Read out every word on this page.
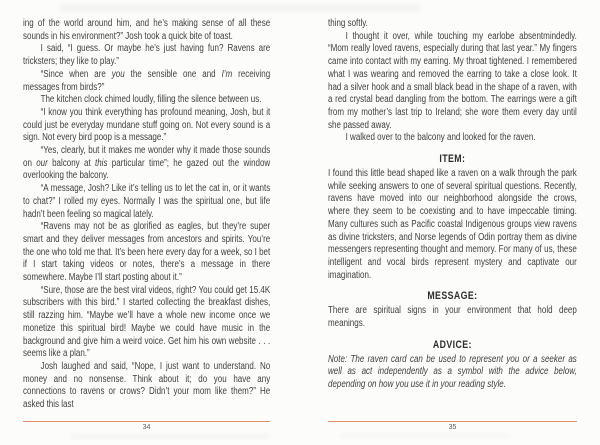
ing of the world around him, and he’s making sense of all these sounds in his environment?” Josh took a quick bite of toast.

I said, “I guess. Or maybe he’s just having fun? Ravens are tricksters; they like to play.”

“Since when are you the sensible one and I’m receiving messages from birds?”

The kitchen clock chimed loudly, filling the silence between us.

“I know you think everything has profound meaning, Josh, but it could just be everyday mundane stuff going on. Not every sound is a sign. Not every bird poop is a message.”

“Yes, clearly, but it makes me wonder why it made those sounds on our balcony at this particular time”; he gazed out the window overlooking the balcony.

“A message, Josh? Like it’s telling us to let the cat in, or it wants to chat?” I rolled my eyes. Normally I was the spiritual one, but life hadn’t been feeling so magical lately.

“Ravens may not be as glorified as eagles, but they’re super smart and they deliver messages from ancestors and spirits. You’re the one who told me that. It’s been here every day for a week, so I bet if I start taking videos or notes, there’s a message in there somewhere. Maybe I’ll start posting about it.”

“Sure, those are the best viral videos, right? You could get 15.4K subscribers with this bird.” I started collecting the breakfast dishes, still razzing him. “Maybe we’ll have a whole new income once we monetize this spiritual bird! Maybe we could have music in the background and give him a weird voice. Get him his own website . . . seems like a plan.”

Josh laughed and said, “Nope, I just want to understand. No money and no nonsense. Think about it; do you have any connections to ravens or crows? Didn’t your mom like them?” He asked this last

34

thing softly.

I thought it over, while touching my earlobe absentmindedly. “Mom really loved ravens, especially during that last year.” My fingers came into contact with my earring. My throat tightened. I remembered what I was wearing and removed the earring to take a close look. It had a silver hook and a small black bead in the shape of a raven, with a red crystal bead dangling from the bottom. The earrings were a gift from my mother’s last trip to Ireland; she wore them every day until she passed away.

I walked over to the balcony and looked for the raven.

ITEM:

I found this little bead shaped like a raven on a walk through the park while seeking answers to one of several spiritual questions. Recently, ravens have moved into our neighborhood alongside the crows, where they seem to be coexisting and to have impeccable timing. Many cultures such as Pacific coastal Indigenous groups view ravens as divine tricksters, and Norse legends of Odin portray them as divine messengers representing thought and memory. For many of us, these intelligent and vocal birds represent mystery and captivate our imagination.

MESSAGE:

There are spiritual signs in your environment that hold deep meanings.

ADVICE:

Note: The raven card can be used to represent you or a seeker as well as act independently as a symbol with the advice below, depending on how you use it in your reading style.

35
